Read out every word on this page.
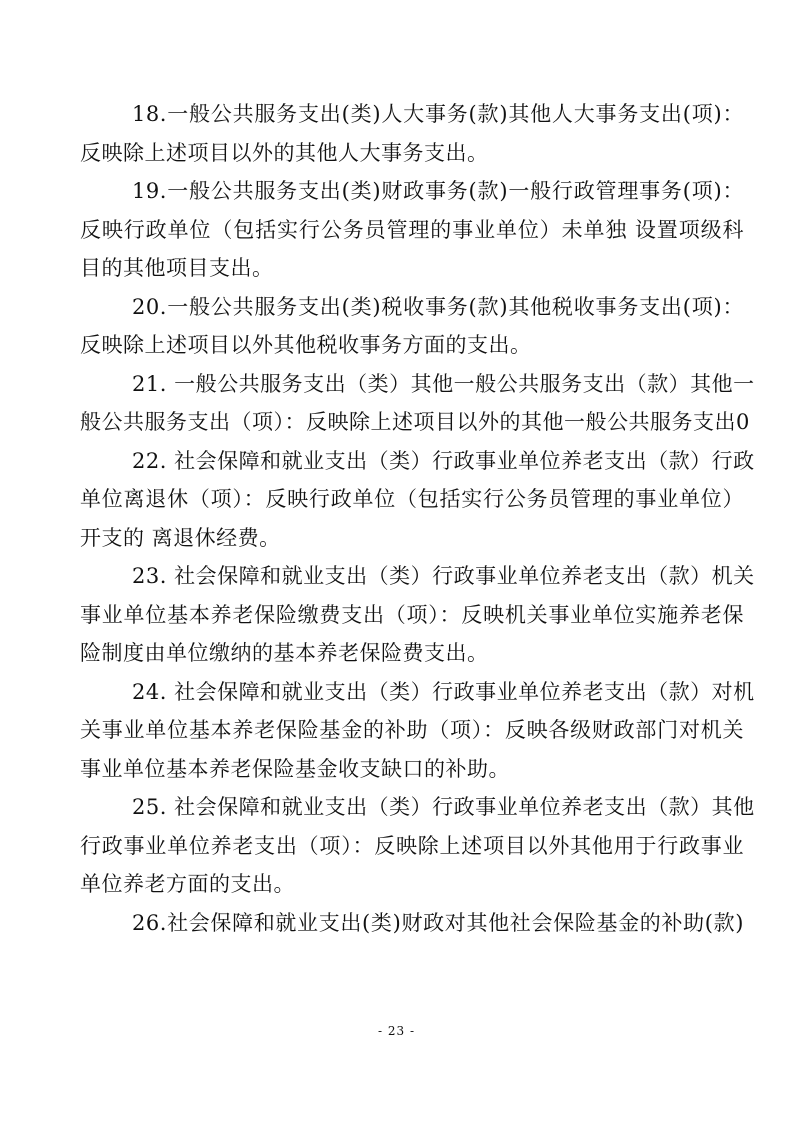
18.一般公共服务支出(类)人大事务(款)其他人大事务支出(项)：
反映除上述项目以外的其他人大事务支出。
19.一般公共服务支出(类)财政事务(款)一般行政管理事务(项)：
反映行政单位（包括实行公务员管理的事业单位）未单独 设置项级科
目的其他项目支出。
20.一般公共服务支出(类)税收事务(款)其他税收事务支出(项)：
反映除上述项目以外其他税收事务方面的支出。
21. 一般公共服务支出（类）其他一般公共服务支出（款）其他一
般公共服务支出（项）：反映除上述项目以外的其他一般公共服务支出0
22. 社会保障和就业支出（类）行政事业单位养老支出（款）行政
单位离退休（项）：反映行政单位（包括实行公务员管理的事业单位）
开支的 离退休经费。
23. 社会保障和就业支出（类）行政事业单位养老支出（款）机关
事业单位基本养老保险缴费支出（项）：反映机关事业单位实施养老保
险制度由单位缴纳的基本养老保险费支出。
24. 社会保障和就业支出（类）行政事业单位养老支出（款）对机
关事业单位基本养老保险基金的补助（项）：反映各级财政部门对机关
事业单位基本养老保险基金收支缺口的补助。
25. 社会保障和就业支出（类）行政事业单位养老支出（款）其他
行政事业单位养老支出（项）：反映除上述项目以外其他用于行政事业
单位养老方面的支出。
26.社会保障和就业支出(类)财政对其他社会保险基金的补助(款)
- 23 -
